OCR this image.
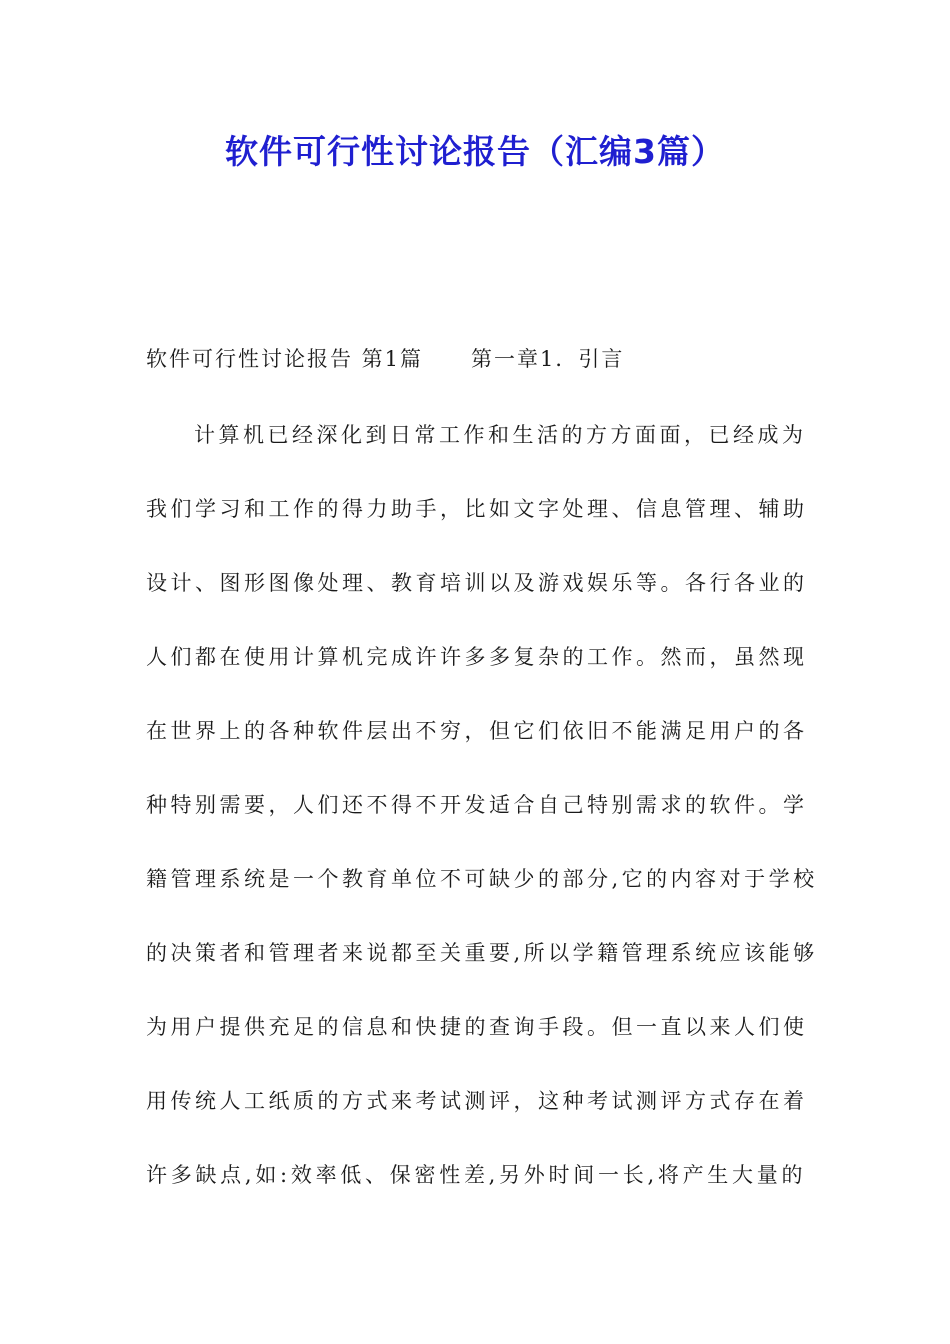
软件可行性讨论报告（汇编3篇）
软件可行性讨论报告 第1篇 第一章1．引言
计算机已经深化到日常工作和生活的方方面面，已经成为
我们学习和工作的得力助手，比如文字处理、信息管理、辅助
设计、图形图像处理、教育培训以及游戏娱乐等。各行各业的
人们都在使用计算机完成许许多多复杂的工作。然而，虽然现
在世界上的各种软件层出不穷，但它们依旧不能满足用户的各
种特别需要，人们还不得不开发适合自己特别需求的软件。学
籍管理系统是一个教育单位不可缺少的部分,它的内容对于学校
的决策者和管理者来说都至关重要,所以学籍管理系统应该能够
为用户提供充足的信息和快捷的查询手段。但一直以来人们使
用传统人工纸质的方式来考试测评，这种考试测评方式存在着
许多缺点,如:效率低、保密性差,另外时间一长,将产生大量的
